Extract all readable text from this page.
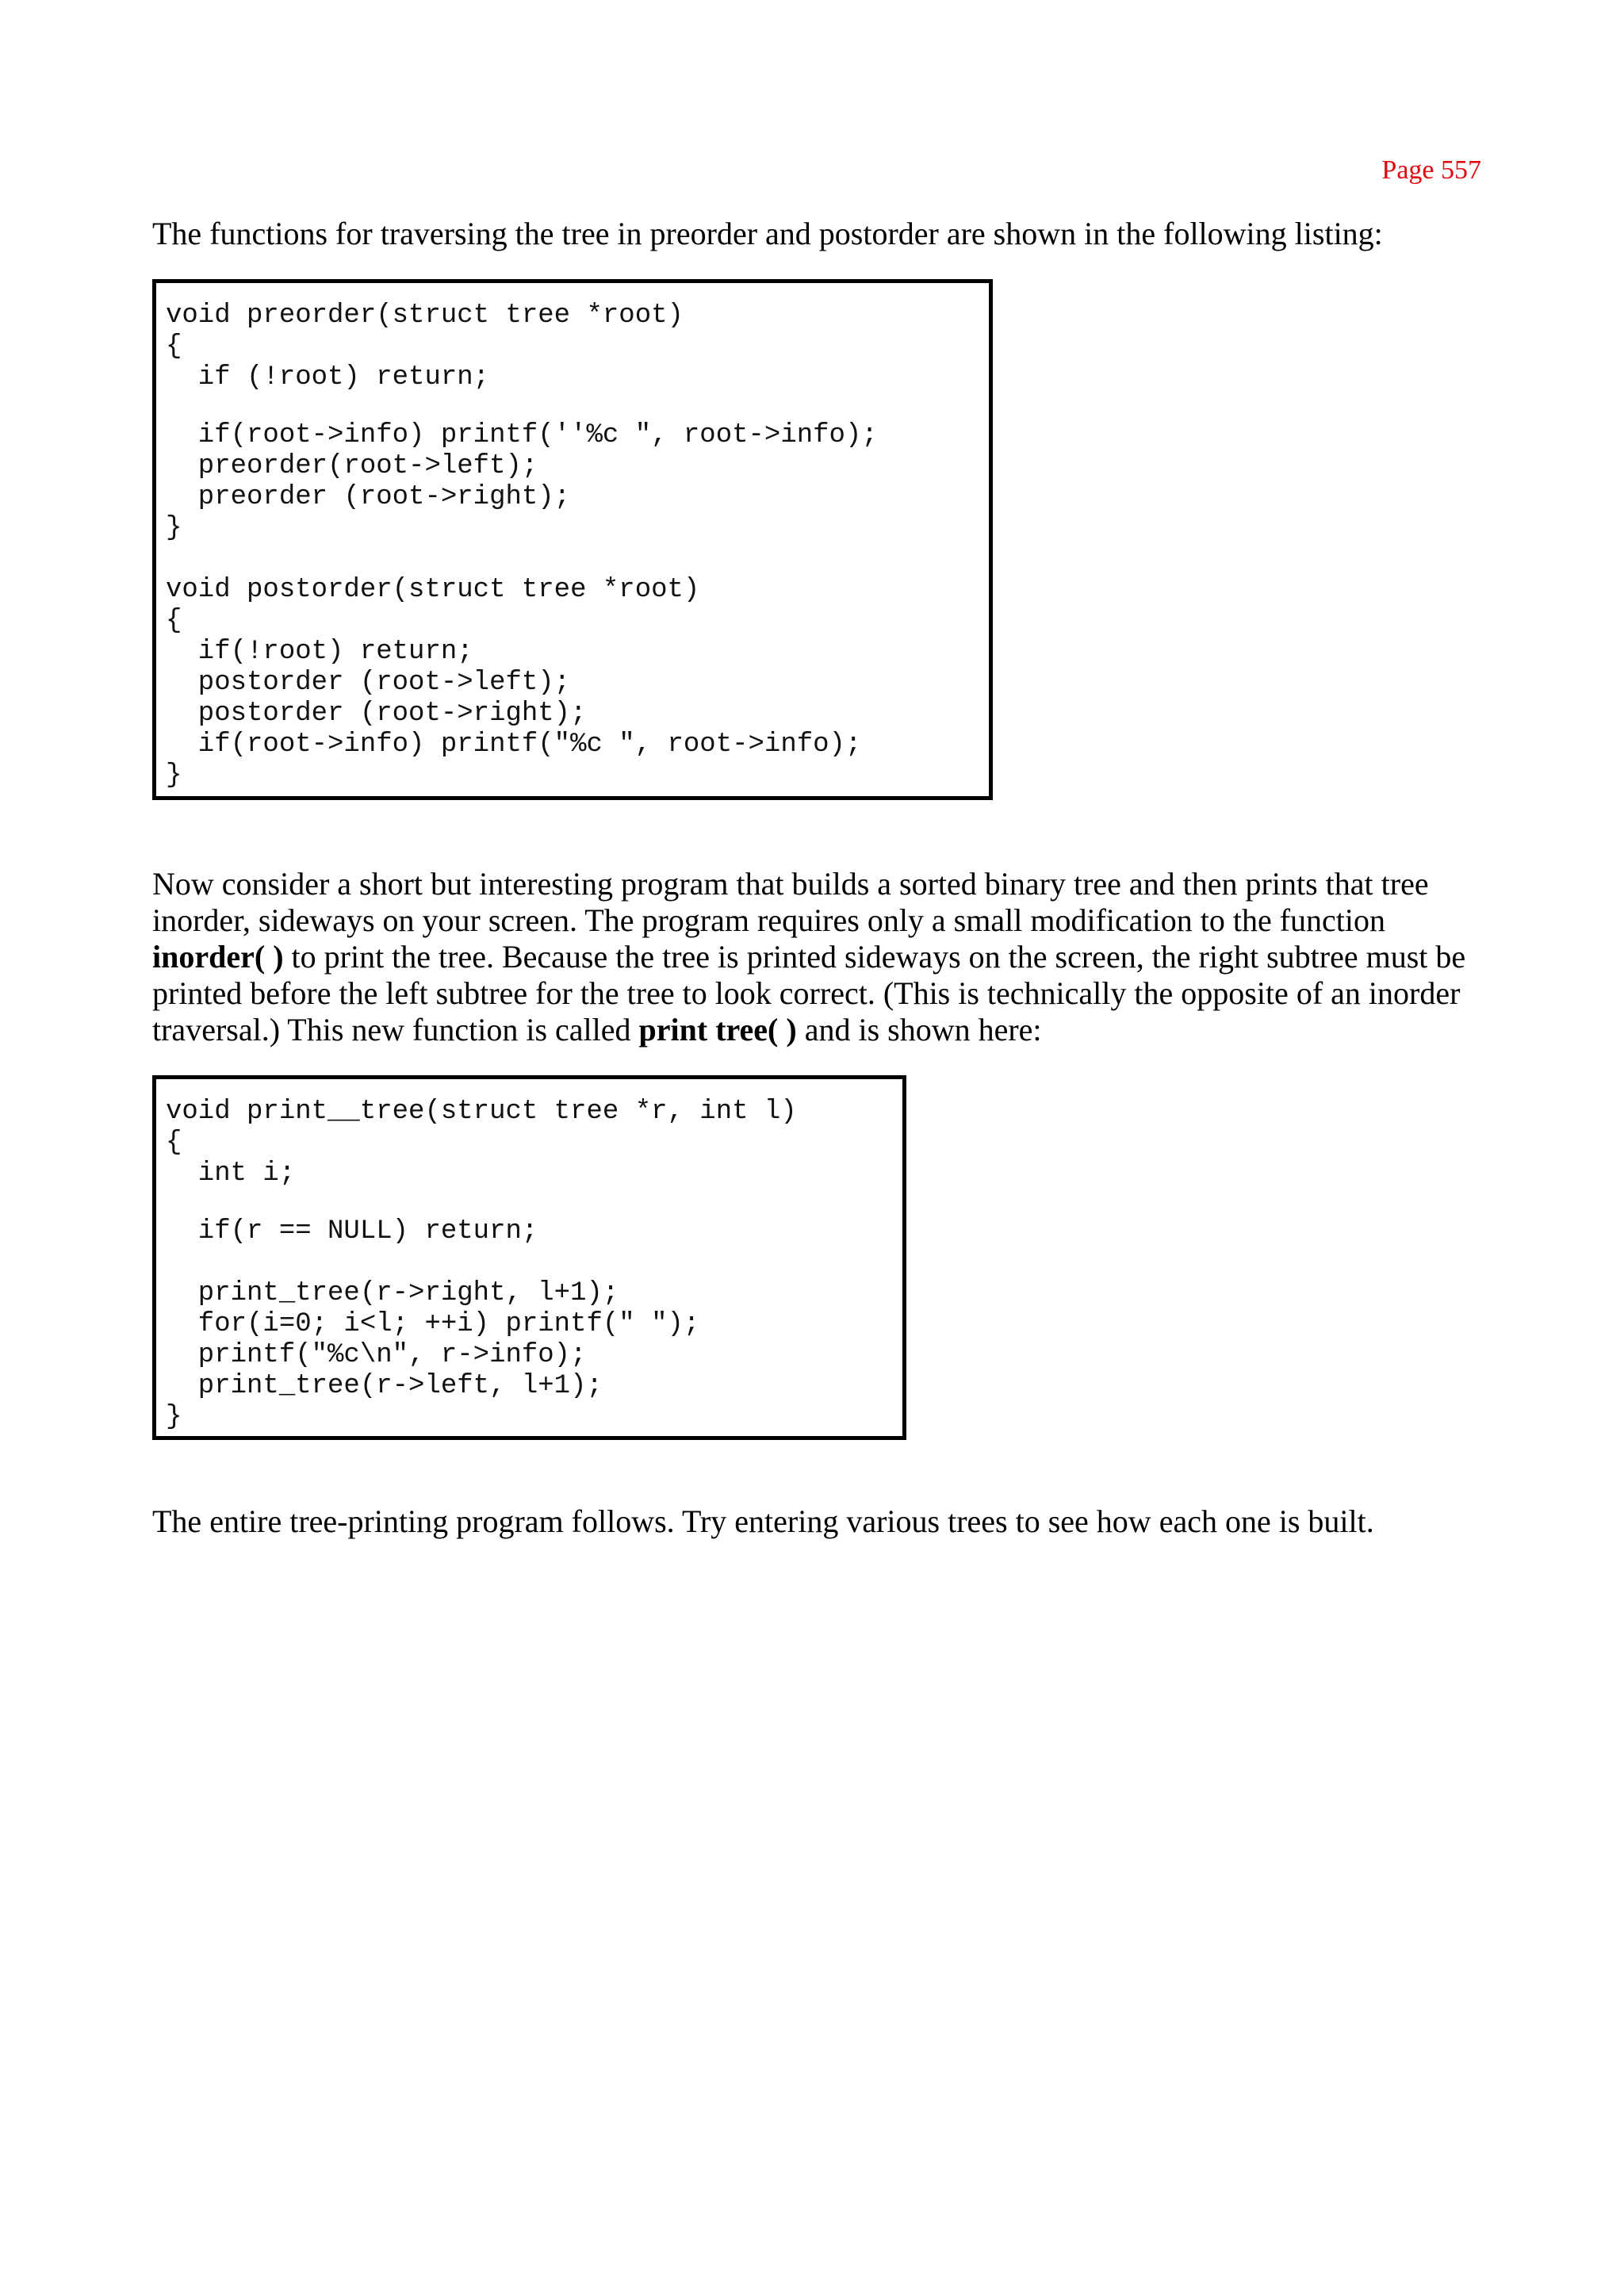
Page 557

The functions for traversing the tree in preorder and postorder are shown in the following listing:

void preorder(struct tree *root)
{
if (!root) return;
if(root->info) printf(''%c ", root->info);
preorder(root->left);
preorder (root->right);
}
void postorder(struct tree *root)
{
if(!root) return;
postorder (root->left);
postorder (root->right);
if(root->info) printf("%c ", root->info);
}

Now consider a short but interesting program that builds a sorted binary tree and then prints that tree inorder, sideways on your screen. The program requires only a small modification to the function inorder( ) to print the tree. Because the tree is printed sideways on the screen, the right subtree must be printed before the left subtree for the tree to look correct. (This is technically the opposite of an inorder traversal.) This new function is called print tree( ) and is shown here:

void print__tree(struct tree *r, int l)
{
int i;
if(r == NULL) return;
print_tree(r->right, l+1);
for(i=0; i<l; ++i) printf(" ");
printf("%c\n", r->info);
print_tree(r->left, l+1);
}

The entire tree-printing program follows. Try entering various trees to see how each one is built.
